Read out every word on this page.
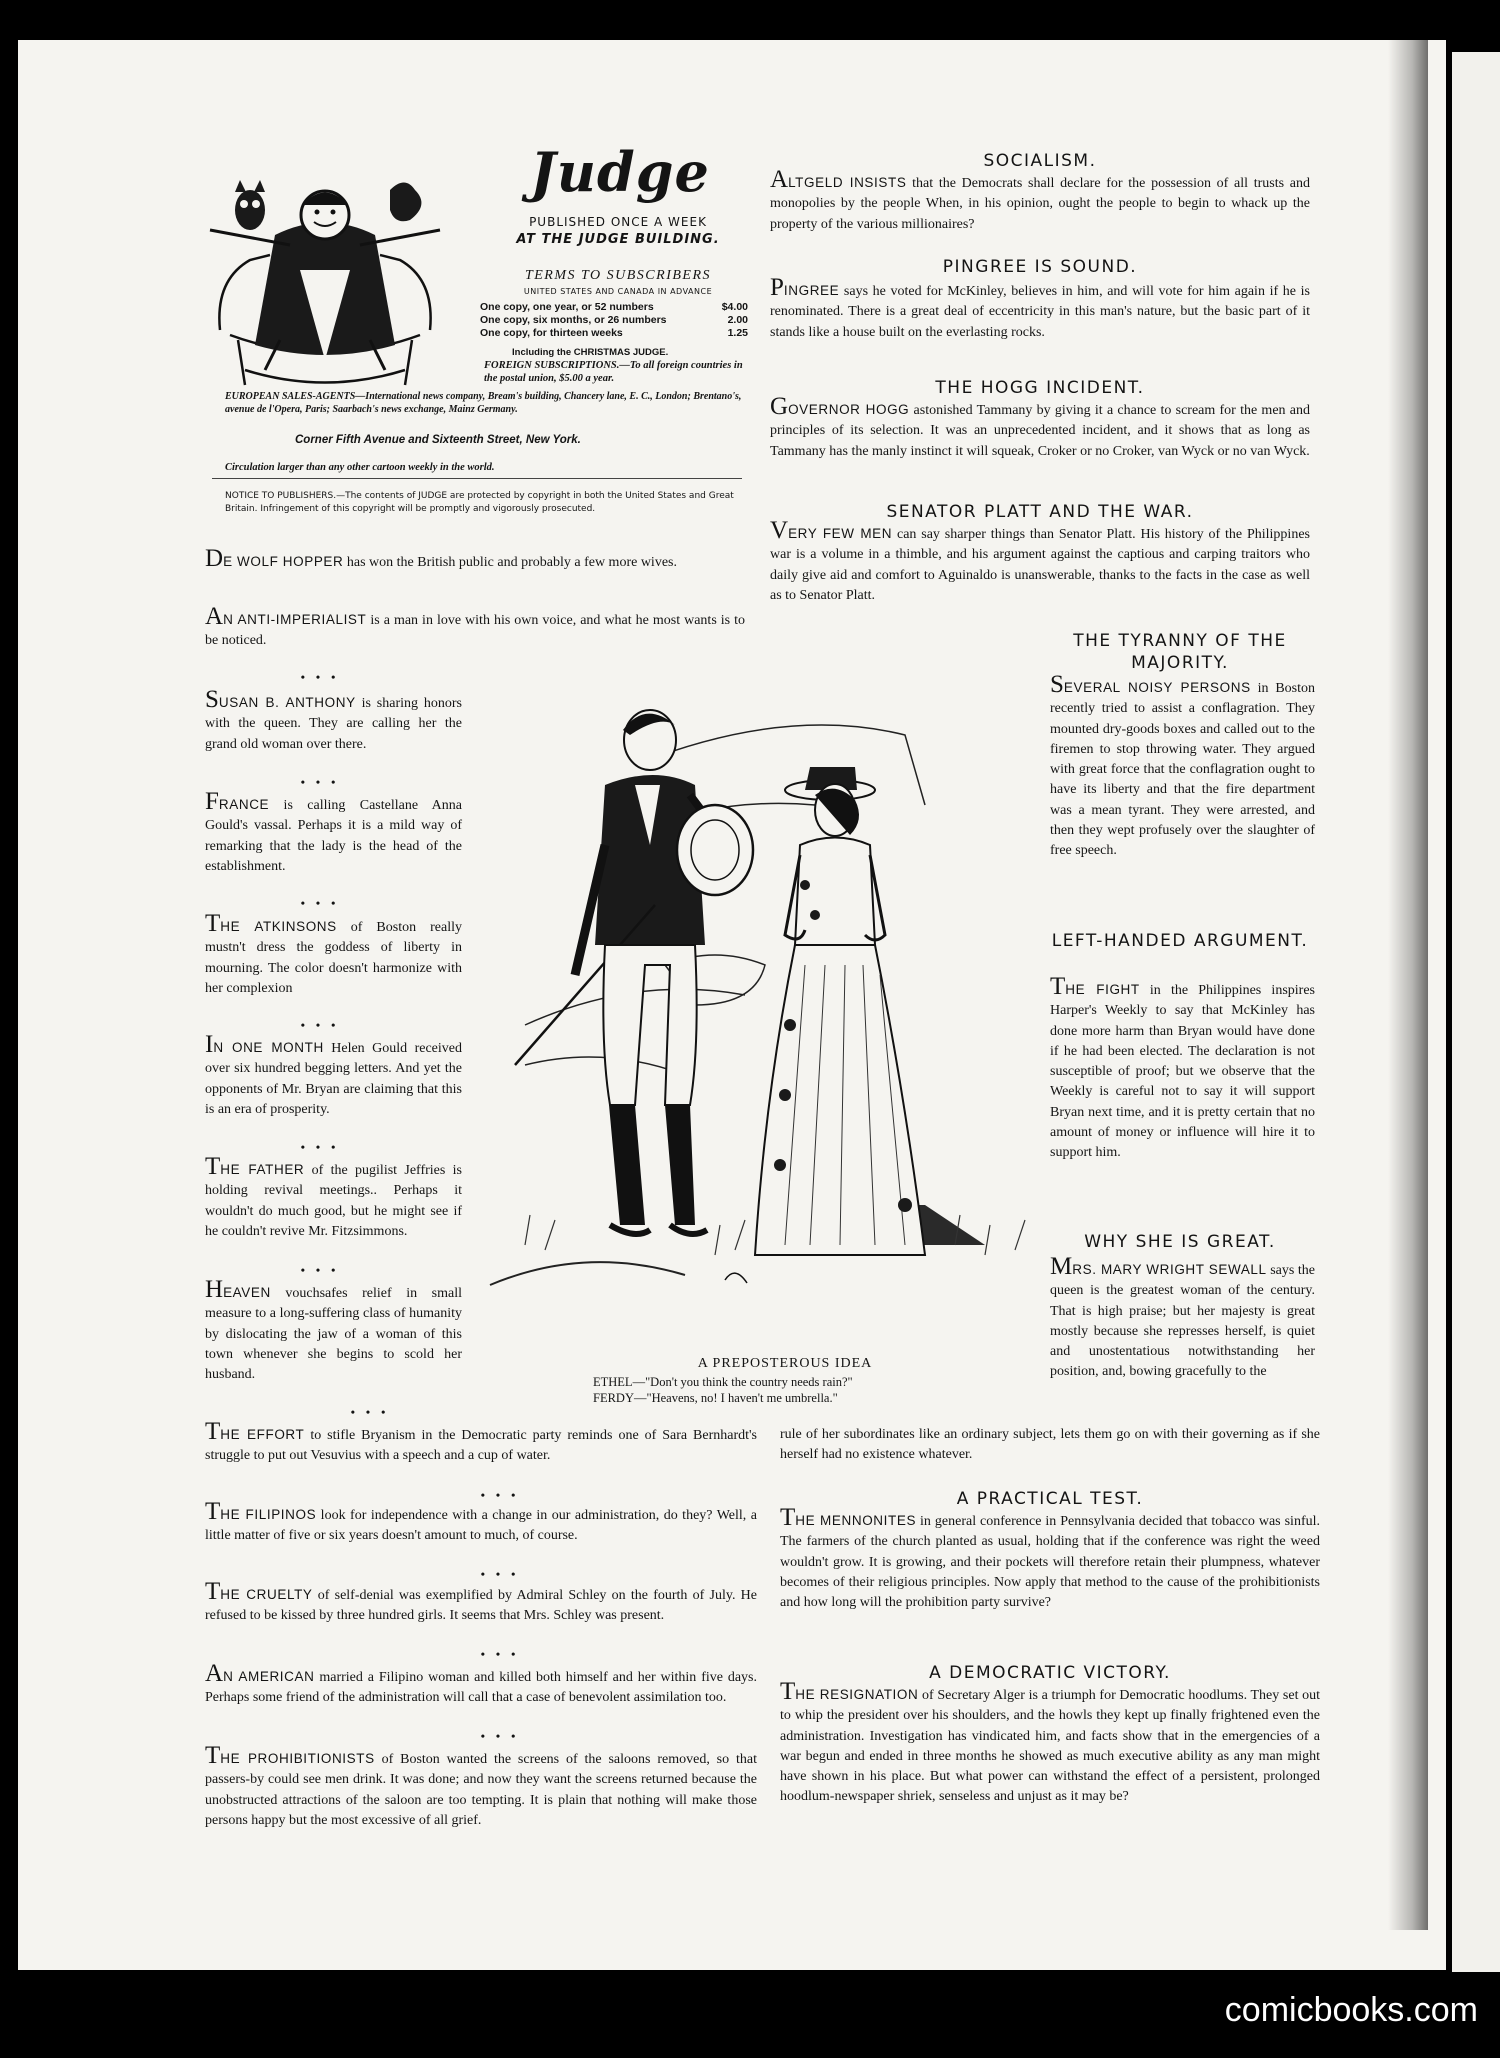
Judge
PUBLISHED ONCE A WEEK
AT THE JUDGE BUILDING.
TERMS TO SUBSCRIBERS
UNITED STATES AND CANADA IN ADVANCE
One copy, one year, or 52 numbers	$4.00
One copy, six months, or 26 numbers	2.00
One copy, for thirteen weeks	1.25
Including the CHRISTMAS JUDGE.
FOREIGN SUBSCRIPTIONS.—To all foreign countries in the postal union, $5.00 a year.
EUROPEAN SALES-AGENTS—International news company, Bream's building, Chancery lane, E. C., London; Brentano's, avenue de l'Opera, Paris; Saarbach's news exchange, Mainz Germany.
Corner Fifth Avenue and Sixteenth Street, New York.
Circulation larger than any other cartoon weekly in the world.
NOTICE TO PUBLISHERS.—The contents of JUDGE are protected by copyright in both the United States and Great Britain. Infringement of this copyright will be promptly and vigorously prosecuted.
DE WOLF HOPPER has won the British public and probably a few more wives.
AN ANTI-IMPERIALIST is a man in love with his own voice, and what he most wants is to be noticed.
• • •
SUSAN B. ANTHONY is sharing honors with the queen. They are calling her the grand old woman over there.
• • •
FRANCE is calling Castellane Anna Gould's vassal. Perhaps it is a mild way of remarking that the lady is the head of the establishment.
• • •
THE ATKINSONS of Boston really mustn't dress the goddess of liberty in mourning. The color doesn't harmonize with her complexion
• • •
IN ONE MONTH Helen Gould received over six hundred begging letters. And yet the opponents of Mr. Bryan are claiming that this is an era of prosperity.
• • •
THE FATHER of the pugilist Jeffries is holding revival meetings.. Perhaps it wouldn't do much good, but he might see if he couldn't revive Mr. Fitzsimmons.
• • •
HEAVEN vouchsafes relief in small measure to a long-suffering class of humanity by dislocating the jaw of a woman of this town whenever she begins to scold her husband.
• • •
THE EFFORT to stifle Bryanism in the Democratic party reminds one of Sara Bernhardt's struggle to put out Vesuvius with a speech and a cup of water.
• • •
THE FILIPINOS look for independence with a change in our administration, do they? Well, a little matter of five or six years doesn't amount to much, of course.
• • •
THE CRUELTY of self-denial was exemplified by Admiral Schley on the fourth of July. He refused to be kissed by three hundred girls. It seems that Mrs. Schley was present.
• • •
AN AMERICAN married a Filipino woman and killed both himself and her within five days. Perhaps some friend of the administration will call that a case of benevolent assimilation too.
• • •
THE PROHIBITIONISTS of Boston wanted the screens of the saloons removed, so that passers-by could see men drink. It was done; and now they want the screens returned because the unobstructed attractions of the saloon are too tempting. It is plain that nothing will make those persons happy but the most excessive of all grief.
SOCIALISM.
ALTGELD INSISTS that the Democrats shall declare for the possession of all trusts and monopolies by the people When, in his opinion, ought the people to begin to whack up the property of the various millionaires?
PINGREE IS SOUND.
PINGREE says he voted for McKinley, believes in him, and will vote for him again if he is renominated. There is a great deal of eccentricity in this man's nature, but the basic part of it stands like a house built on the everlasting rocks.
THE HOGG INCIDENT.
GOVERNOR HOGG astonished Tammany by giving it a chance to scream for the men and principles of its selection. It was an unprecedented incident, and it shows that as long as Tammany has the manly instinct it will squeak, Croker or no Croker, van Wyck or no van Wyck.
SENATOR PLATT AND THE WAR.
VERY FEW MEN can say sharper things than Senator Platt. His history of the Philippines war is a volume in a thimble, and his argument against the captious and carping traitors who daily give aid and comfort to Aguinaldo is unanswerable, thanks to the facts in the case as well as to Senator Platt.
THE TYRANNY OF THE MAJORITY.
SEVERAL NOISY PERSONS in Boston recently tried to assist a conflagration. They mounted dry-goods boxes and called out to the firemen to stop throwing water. They argued with great force that the conflagration ought to have its liberty and that the fire department was a mean tyrant. They were arrested, and then they wept profusely over the slaughter of free speech.
LEFT-HANDED ARGUMENT.
THE FIGHT in the Philippines inspires Harper's Weekly to say that McKinley has done more harm than Bryan would have done if he had been elected. The declaration is not susceptible of proof; but we observe that the Weekly is careful not to say it will support Bryan next time, and it is pretty certain that no amount of money or influence will hire it to support him.
WHY SHE IS GREAT.
MRS. MARY WRIGHT SEWALL says the queen is the greatest woman of the century. That is high praise; but her majesty is great mostly because she represses herself, is quiet and unostentatious notwithstanding her position, and, bowing gracefully to the
rule of her subordinates like an ordinary subject, lets them go on with their governing as if she herself had no existence whatever.
A PRACTICAL TEST.
THE MENNONITES in general conference in Pennsylvania decided that tobacco was sinful. The farmers of the church planted as usual, holding that if the conference was right the weed wouldn't grow. It is growing, and their pockets will therefore retain their plumpness, whatever becomes of their religious principles. Now apply that method to the cause of the prohibitionists and how long will the prohibition party survive?
A DEMOCRATIC VICTORY.
THE RESIGNATION of Secretary Alger is a triumph for Democratic hoodlums. They set out to whip the president over his shoulders, and the howls they kept up finally frightened even the administration. Investigation has vindicated him, and facts show that in the emergencies of a war begun and ended in three months he showed as much executive ability as any man might have shown in his place. But what power can withstand the effect of a persistent, prolonged hoodlum-newspaper shriek, senseless and unjust as it may be?
A PREPOSTEROUS IDEA
ETHEL—"Don't you think the country needs rain?"
FERDY—"Heavens, no! I haven't me umbrella."
comicbooks.com
